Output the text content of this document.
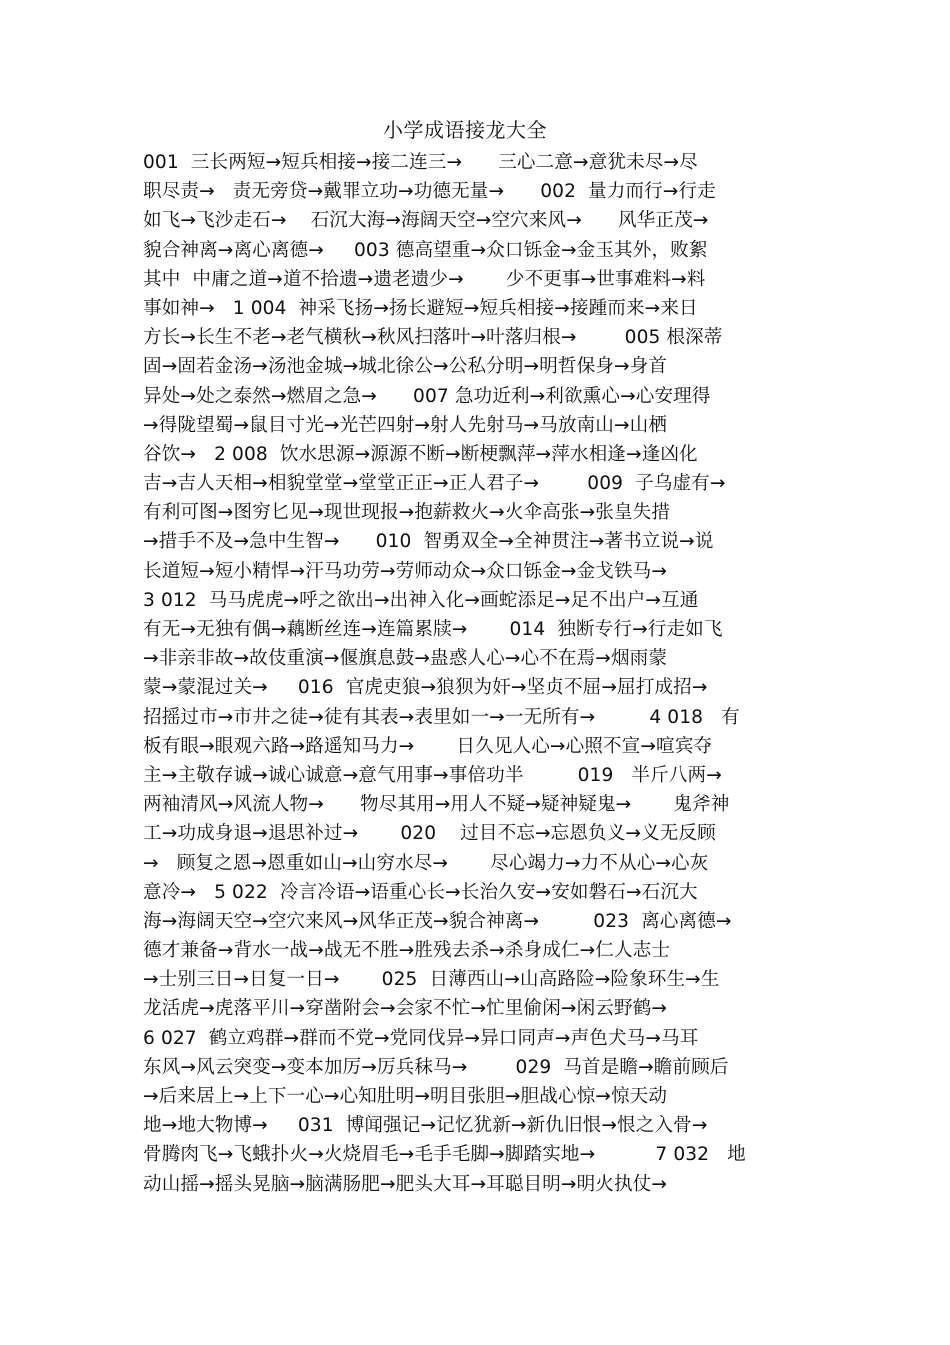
小学成语接龙大全
001  三长两短→短兵相接→接二连三→      三心二意→意犹未尽→尽
职尽责→   责无旁贷→戴罪立功→功德无量→      002  量力而行→行走
如飞→飞沙走石→    石沉大海→海阔天空→空穴来风→      风华正茂→
貌合神离→离心离德→     003 德高望重→众口铄金→金玉其外，败絮
其中  中庸之道→道不拾遗→遗老遗少→       少不更事→世事难料→料
事如神→   1 004  神采飞扬→扬长避短→短兵相接→接踵而来→来日
方长→长生不老→老气横秋→秋风扫落叶→叶落归根→        005 根深蒂
固→固若金汤→汤池金城→城北徐公→公私分明→明哲保身→身首
异处→处之泰然→燃眉之急→      007 急功近利→利欲熏心→心安理得
→得陇望蜀→鼠目寸光→光芒四射→射人先射马→马放南山→山栖
谷饮→   2 008  饮水思源→源源不断→断梗飘萍→萍水相逢→逢凶化
吉→吉人天相→相貌堂堂→堂堂正正→正人君子→        009  子乌虚有→
有利可图→图穷匕见→现世现报→抱薪救火→火伞高张→张皇失措
→措手不及→急中生智→      010  智勇双全→全神贯注→著书立说→说
长道短→短小精悍→汗马功劳→劳师动众→众口铄金→金戈铁马→
3 012  马马虎虎→呼之欲出→出神入化→画蛇添足→足不出户→互通
有无→无独有偶→藕断丝连→连篇累牍→       014  独断专行→行走如飞
→非亲非故→故伎重演→偃旗息鼓→蛊惑人心→心不在焉→烟雨蒙
蒙→蒙混过关→     016  官虎吏狼→狼狈为奸→坚贞不屈→屈打成招→
招摇过市→市井之徒→徒有其表→表里如一→一无所有→         4 018   有
板有眼→眼观六路→路遥知马力→       日久见人心→心照不宣→喧宾夺
主→主敬存诚→诚心诚意→意气用事→事倍功半         019   半斤八两→
两袖清风→风流人物→      物尽其用→用人不疑→疑神疑鬼→       鬼斧神
工→功成身退→退思补过→       020    过目不忘→忘恩负义→义无反顾
→   顾复之恩→恩重如山→山穷水尽→       尽心竭力→力不从心→心灰
意冷→   5 022  冷言冷语→语重心长→长治久安→安如磐石→石沉大
海→海阔天空→空穴来风→风华正茂→貌合神离→         023  离心离德→
德才兼备→背水一战→战无不胜→胜残去杀→杀身成仁→仁人志士
→士别三日→日复一日→       025  日薄西山→山高路险→险象环生→生
龙活虎→虎落平川→穿凿附会→会家不忙→忙里偷闲→闲云野鹤→
6 027  鹤立鸡群→群而不党→党同伐异→异口同声→声色犬马→马耳
东风→风云突变→变本加厉→厉兵秣马→        029  马首是瞻→瞻前顾后
→后来居上→上下一心→心知肚明→明目张胆→胆战心惊→惊天动
地→地大物博→     031  博闻强记→记忆犹新→新仇旧恨→恨之入骨→
骨腾肉飞→飞蛾扑火→火烧眉毛→毛手毛脚→脚踏实地→          7 032   地
动山摇→摇头晃脑→脑满肠肥→肥头大耳→耳聪目明→明火执仗→
